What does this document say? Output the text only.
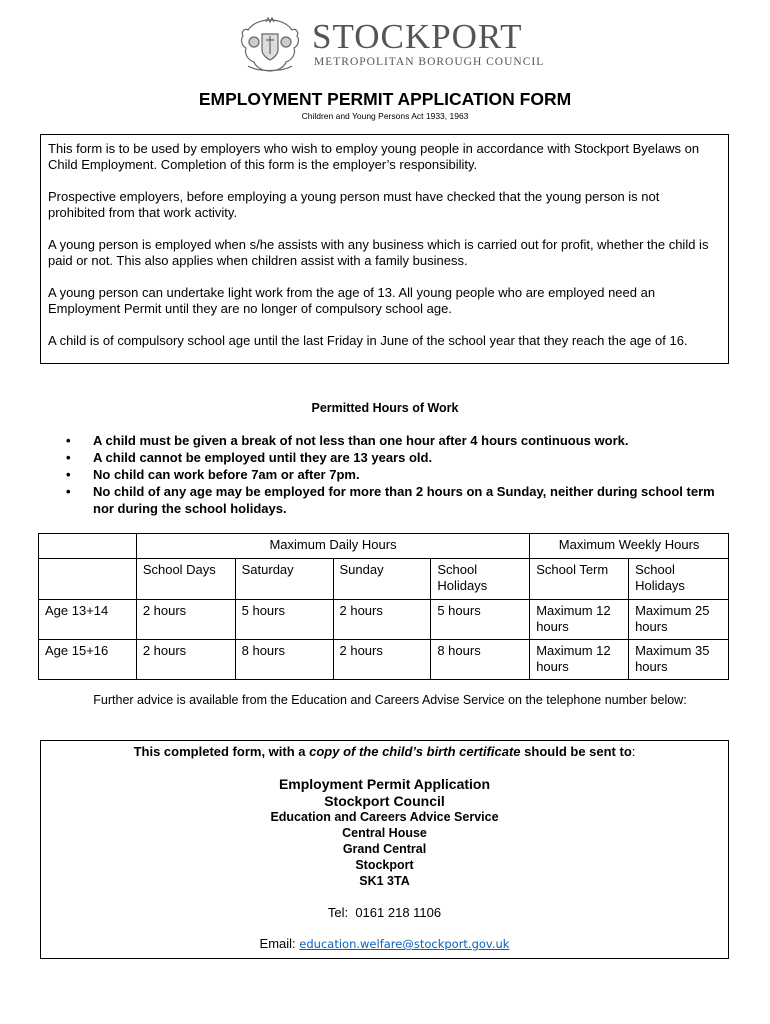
STOCKPORT
METROPOLITAN BOROUGH COUNCIL
EMPLOYMENT PERMIT APPLICATION FORM
Children and Young Persons Act 1933, 1963

This form is to be used by employers who wish to employ young people in accordance with Stockport Byelaws on Child Employment. Completion of this form is the employer’s responsibility.

Prospective employers, before employing a young person must have checked that the young person is not prohibited from that work activity.

A young person is employed when s/he assists with any business which is carried out for profit, whether the child is paid or not. This also applies when children assist with a family business.

A young person can undertake light work from the age of 13. All young people who are employed need an Employment Permit until they are no longer of compulsory school age.

A child is of compulsory school age until the last Friday in June of the school year that they reach the age of 16.

Permitted Hours of Work
• A child must be given a break of not less than one hour after 4 hours continuous work.
• A child cannot be employed until they are 13 years old.
• No child can work before 7am or after 7pm.
• No child of any age may be employed for more than 2 hours on a Sunday, neither during school term nor during the school holidays.
	Maximum Daily Hours				Maximum Weekly Hours	
	School Days	Saturday	Sunday	School Holidays	School Term	School Holidays
Age 13+14	2 hours	5 hours	2 hours	5 hours	Maximum 12 hours	Maximum 25 hours
Age 15+16	2 hours	8 hours	2 hours	8 hours	Maximum 12 hours	Maximum 35 hours
Further advice is available from the Education and Careers Advise Service on the telephone number below:
This completed form, with a copy of the child’s birth certificate should be sent to:
Employment Permit Application
Stockport Council
Education and Careers Advice Service
Central House
Grand Central
Stockport
SK1 3TA
Tel: 0161 218 1106
Email: education.welfare@stockport.gov.uk
